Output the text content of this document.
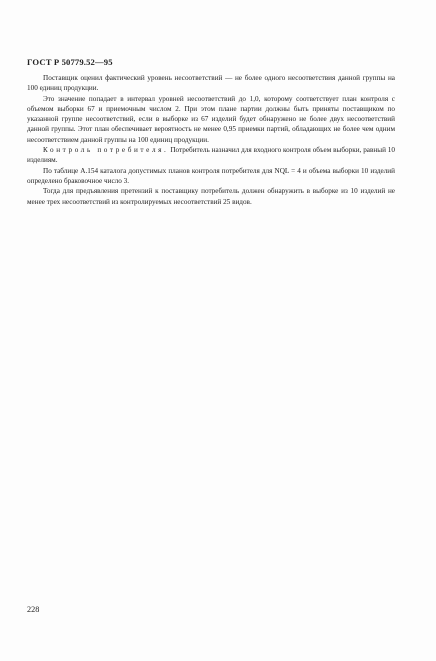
ГОСТ Р 50779.52—95

Поставщик оценил фактический уровень несоответствий — не более одного несоответствия данной группы на 100 единиц продукции.

Это значение попадает в интервал уровней несоответствий до 1,0, которому соответствует план контроля с объемом выборки 67 и приемочным числом 2. При этом плане партии должны быть приняты поставщиком по указанной группе несоответствий, если в выборке из 67 изделий будет обнаружено не более двух несоответствий данной группы. Этот план обеспечивает вероятность не менее 0,95 приемки партий, обладающих не более чем одним несоответствием данной группы на 100 единиц продукции.

Контроль потребителя. Потребитель назначил для входного контроля объем выборки, равный 10 изделиям.

По таблице А.154 каталога допустимых планов контроля потребителя для NQL = 4 и объема выборки 10 изделий определено браковочное число 3.

Тогда для предъявления претензий к поставщику потребитель должен обнаружить в выборке из 10 изделий не менее трех несоответствий из контролируемых несоответствий 25 видов.

228
